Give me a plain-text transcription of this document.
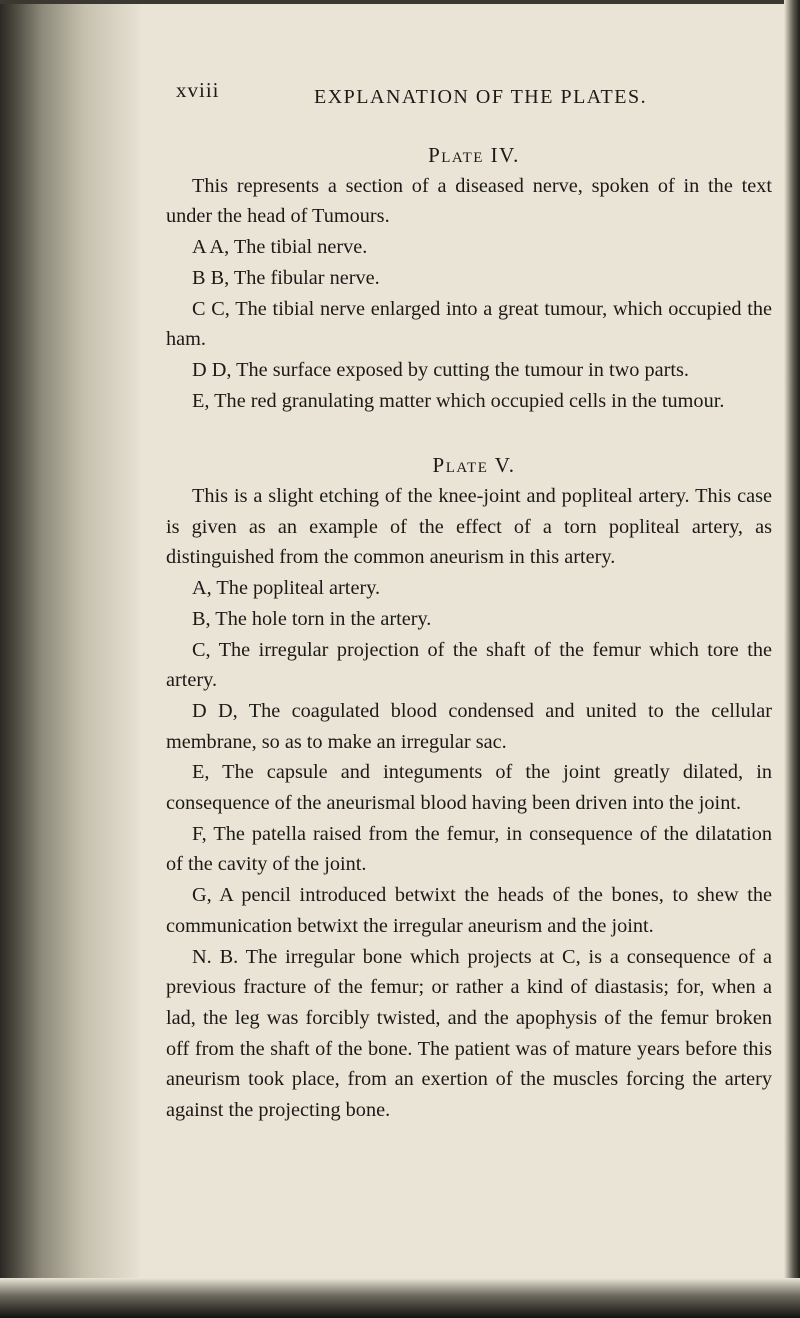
xviii	EXPLANATION OF THE PLATES.

Plate IV.

This represents a section of a diseased nerve, spoken of in the text under the head of Tumours.

A A, The tibial nerve.

B B, The fibular nerve.

C C, The tibial nerve enlarged into a great tumour, which occupied the ham.

D D, The surface exposed by cutting the tumour in two parts.

E, The red granulating matter which occupied cells in the tumour.

Plate V.

This is a slight etching of the knee-joint and popliteal artery. This case is given as an example of the effect of a torn popliteal artery, as distinguished from the common aneurism in this artery.

A, The popliteal artery.

B, The hole torn in the artery.

C, The irregular projection of the shaft of the femur which tore the artery.

D D, The coagulated blood condensed and united to the cellular membrane, so as to make an irregular sac.

E, The capsule and integuments of the joint greatly dilated, in consequence of the aneurismal blood having been driven into the joint.

F, The patella raised from the femur, in consequence of the dilatation of the cavity of the joint.

G, A pencil introduced betwixt the heads of the bones, to shew the communication betwixt the irregular aneurism and the joint.

N. B. The irregular bone which projects at C, is a consequence of a previous fracture of the femur; or rather a kind of diastasis; for, when a lad, the leg was forcibly twisted, and the apophysis of the femur broken off from the shaft of the bone. The patient was of mature years before this aneurism took place, from an exertion of the muscles forcing the artery against the projecting bone.
